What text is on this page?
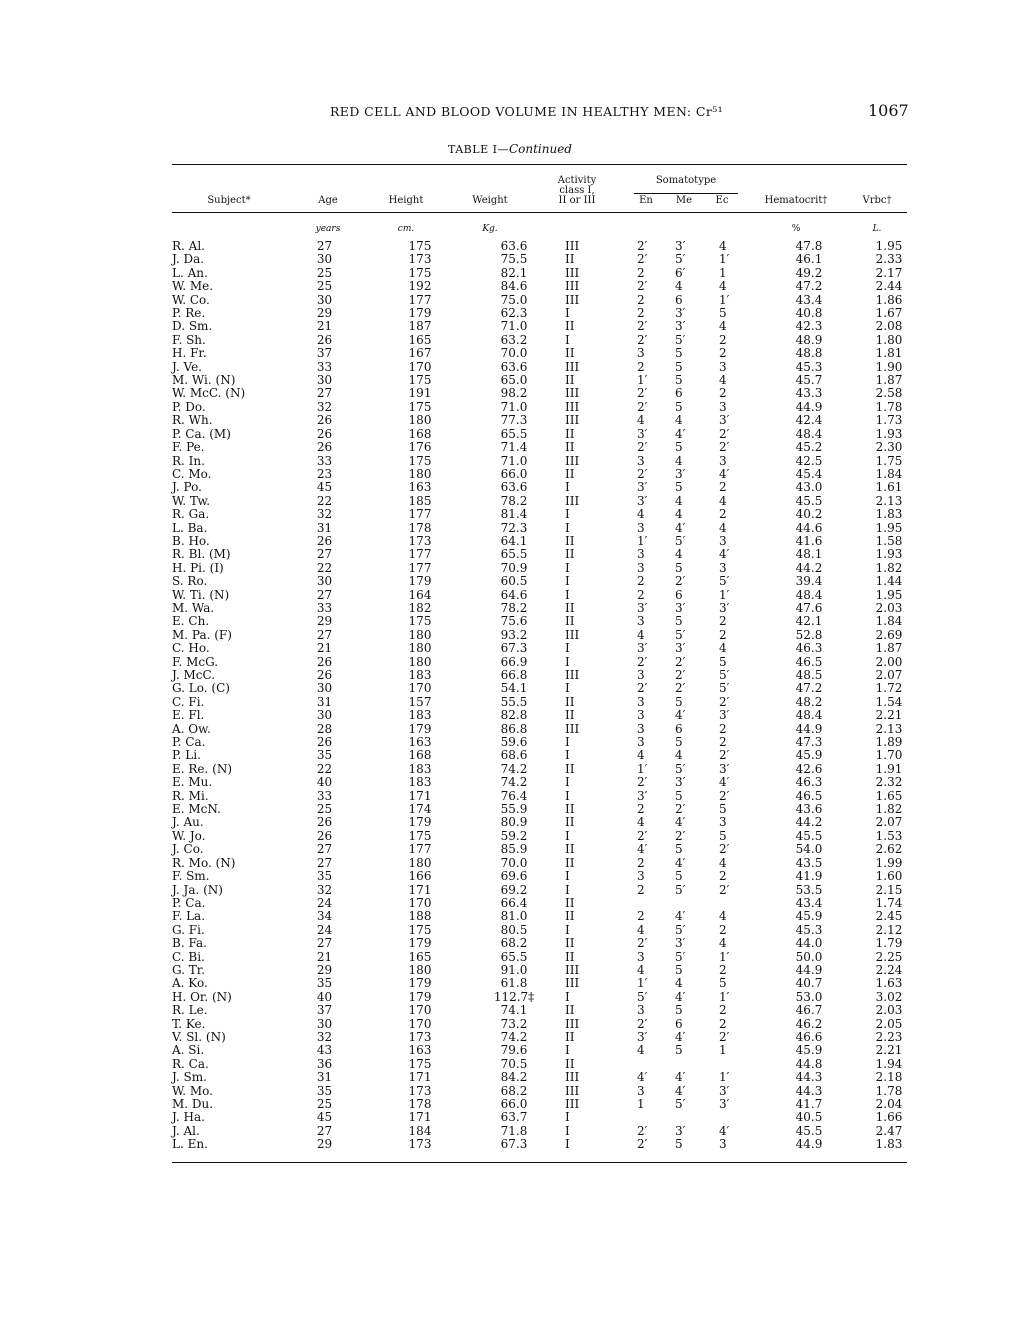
RED CELL AND BLOOD VOLUME IN HEALTHY MEN: Cr⁵¹	1067
TABLE I—Continued
Subject*	Age	Height	Weight
Activity
class I,
II or III
Somatotype
En	Me	Ec	Hematocrit†	Vrbc†
years	cm.	Kg.	%	L.
R. Al.	27	175	63.6	III	2′	3′	4	47.8	1.95
J. Da.	30	173	75.5	II	2′	5′	1′	46.1	2.33
L. An.	25	175	82.1	III	2	6′	1	49.2	2.17
W. Me.	25	192	84.6	III	2′	4	4	47.2	2.44
W. Co.	30	177	75.0	III	2	6	1′	43.4	1.86
P. Re.	29	179	62.3	I	2	3′	5	40.8	1.67
D. Sm.	21	187	71.0	II	2′	3′	4	42.3	2.08
F. Sh.	26	165	63.2	I	2′	5′	2	48.9	1.80
H. Fr.	37	167	70.0	II	3	5	2	48.8	1.81
J. Ve.	33	170	63.6	III	2	5	3	45.3	1.90
M. Wi. (N)	30	175	65.0	II	1′	5	4	45.7	1.87
W. McC. (N)	27	191	98.2	III	2′	6	2	43.3	2.58
P. Do.	32	175	71.0	III	2′	5	3	44.9	1.78
R. Wh.	26	180	77.3	III	4	4	3′	42.4	1.73
P. Ca. (M)	26	168	65.5	II	3′	4′	2′	48.4	1.93
F. Pe.	26	176	71.4	II	2′	5	2′	45.2	2.30
R. In.	33	175	71.0	III	3	4	3	42.5	1.75
C. Mo.	23	180	66.0	II	2′	3′	4′	45.4	1.84
J. Po.	45	163	63.6	I	3′	5	2	43.0	1.61
W. Tw.	22	185	78.2	III	3′	4	4	45.5	2.13
R. Ga.	32	177	81.4	I	4	4	2	40.2	1.83
L. Ba.	31	178	72.3	I	3	4′	4	44.6	1.95
B. Ho.	26	173	64.1	II	1′	5′	3	41.6	1.58
R. Bl. (M)	27	177	65.5	II	3	4	4′	48.1	1.93
H. Pi. (I)	22	177	70.9	I	3	5	3	44.2	1.82
S. Ro.	30	179	60.5	I	2	2′	5′	39.4	1.44
W. Ti. (N)	27	164	64.6	I	2	6	1′	48.4	1.95
M. Wa.	33	182	78.2	II	3′	3′	3′	47.6	2.03
E. Ch.	29	175	75.6	II	3	5	2	42.1	1.84
M. Pa. (F)	27	180	93.2	III	4	5′	2	52.8	2.69
C. Ho.	21	180	67.3	I	3′	3′	4	46.3	1.87
F. McG.	26	180	66.9	I	2′	2′	5	46.5	2.00
J. McC.	26	183	66.8	III	3	2′	5′	48.5	2.07
G. Lo. (C)	30	170	54.1	I	2′	2′	5′	47.2	1.72
C. Fi.	31	157	55.5	II	3	5	2′	48.2	1.54
E. Fl.	30	183	82.8	II	3	4′	3′	48.4	2.21
A. Ow.	28	179	86.8	III	3	6	2	44.9	2.13
P. Ca.	26	163	59.6	I	3	5	2	47.3	1.89
P. Li.	35	168	68.6	I	4	4	2′	45.9	1.70
E. Re. (N)	22	183	74.2	II	1′	5′	3′	42.6	1.91
E. Mu.	40	183	74.2	I	2′	3′	4′	46.3	2.32
R. Mi.	33	171	76.4	I	3′	5	2′	46.5	1.65
E. McN.	25	174	55.9	II	2	2′	5	43.6	1.82
J. Au.	26	179	80.9	II	4	4′	3	44.2	2.07
W. Jo.	26	175	59.2	I	2′	2′	5	45.5	1.53
J. Co.	27	177	85.9	II	4′	5	2′	54.0	2.62
R. Mo. (N)	27	180	70.0	II	2	4′	4	43.5	1.99
F. Sm.	35	166	69.6	I	3	5	2	41.9	1.60
J. Ja. (N)	32	171	69.2	I	2	5′	2′	53.5	2.15
P. Ca.	24	170	66.4	II				43.4	1.74
F. La.	34	188	81.0	II	2	4′	4	45.9	2.45
G. Fi.	24	175	80.5	I	4	5′	2	45.3	2.12
B. Fa.	27	179	68.2	II	2′	3′	4	44.0	1.79
C. Bi.	21	165	65.5	II	3	5′	1′	50.0	2.25
G. Tr.	29	180	91.0	III	4	5	2	44.9	2.24
A. Ko.	35	179	61.8	III	1′	4	5	40.7	1.63
H. Or. (N)	40	179	112.7‡	I	5′	4′	1′	53.0	3.02
R. Le.	37	170	74.1	II	3	5	2	46.7	2.03
T. Ke.	30	170	73.2	III	2′	6	2	46.2	2.05
V. Sl. (N)	32	173	74.2	II	3′	4′	2′	46.6	2.23
A. Si.	43	163	79.6	I	4	5	1	45.9	2.21
R. Ca.	36	175	70.5	II				44.8	1.94
J. Sm.	31	171	84.2	III	4′	4′	1′	44.3	2.18
W. Mo.	35	173	68.2	III	3	4′	3′	44.3	1.78
M. Du.	25	178	66.0	III	1	5′	3′	41.7	2.04
J. Ha.	45	171	63.7	I				40.5	1.66
J. Al.	27	184	71.8	I	2′	3′	4′	45.5	2.47
L. En.	29	173	67.3	I	2′	5	3	44.9	1.83
